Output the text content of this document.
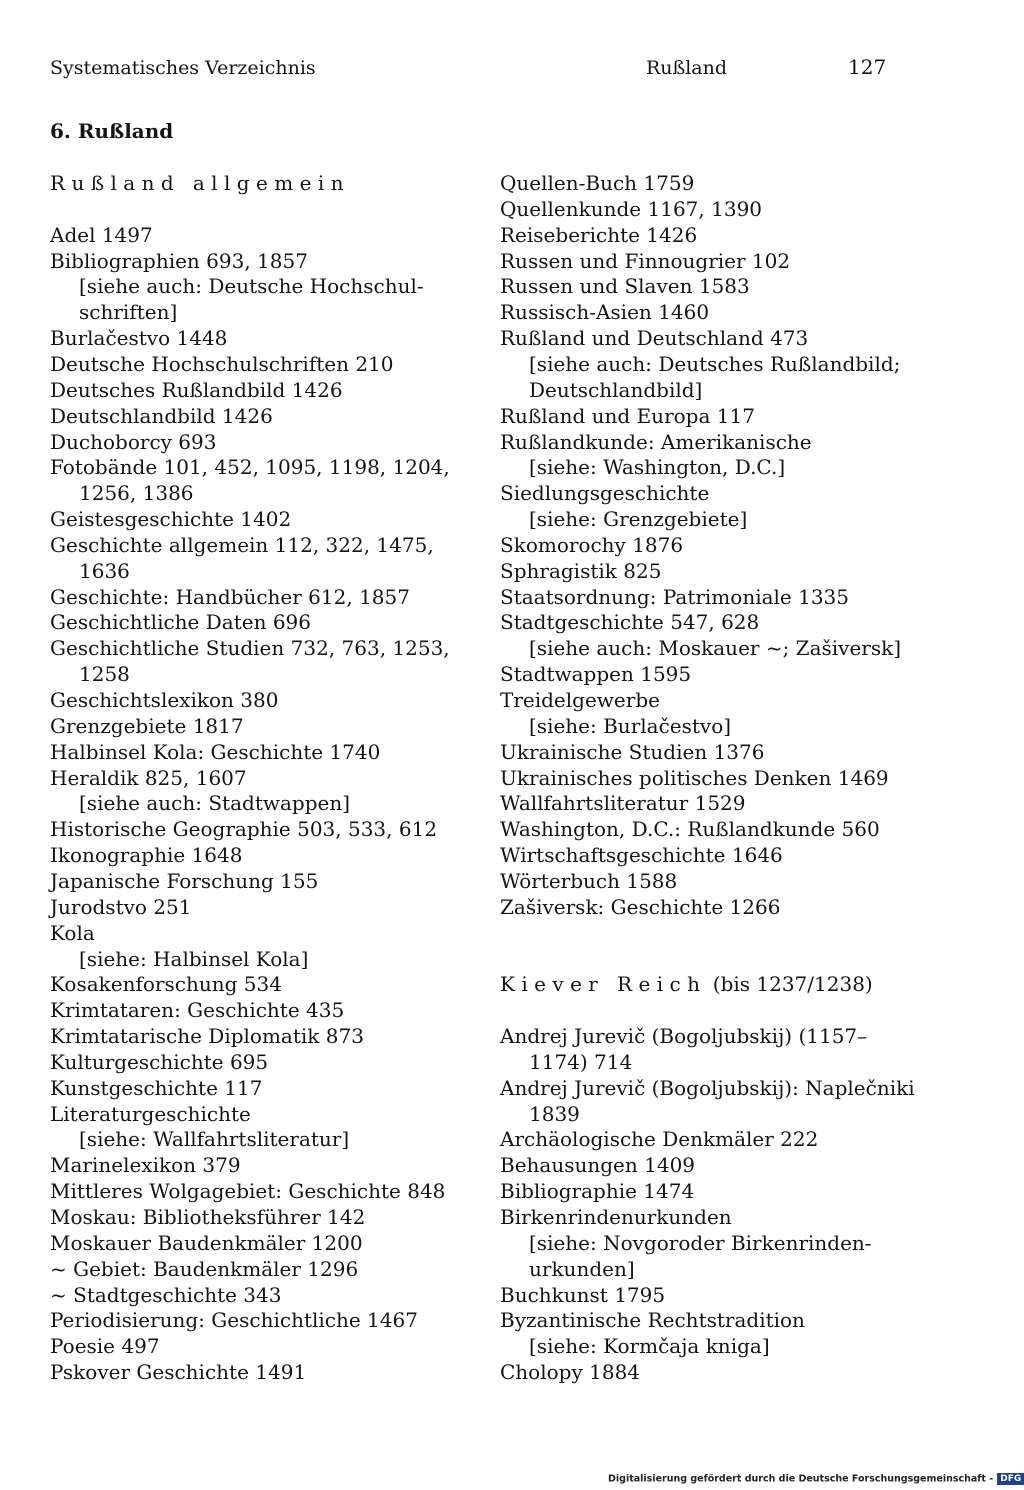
Systematisches Verzeichnis	Rußland	127
6. Rußland
Rußland allgemein
Adel 1497
Bibliographien 693, 1857
[siehe auch: Deutsche Hochschul-
schriften]
Burlačestvo 1448
Deutsche Hochschulschriften 210
Deutsches Rußlandbild 1426
Deutschlandbild 1426
Duchoborcy 693
Fotobände 101, 452, 1095, 1198, 1204,
1256, 1386
Geistesgeschichte 1402
Geschichte allgemein 112, 322, 1475,
1636
Geschichte: Handbücher 612, 1857
Geschichtliche Daten 696
Geschichtliche Studien 732, 763, 1253,
1258
Geschichtslexikon 380
Grenzgebiete 1817
Halbinsel Kola: Geschichte 1740
Heraldik 825, 1607
[siehe auch: Stadtwappen]
Historische Geographie 503, 533, 612
Ikonographie 1648
Japanische Forschung 155
Jurodstvo 251
Kola
[siehe: Halbinsel Kola]
Kosakenforschung 534
Krimtataren: Geschichte 435
Krimtatarische Diplomatik 873
Kulturgeschichte 695
Kunstgeschichte 117
Literaturgeschichte
[siehe: Wallfahrtsliteratur]
Marinelexikon 379
Mittleres Wolgagebiet: Geschichte 848
Moskau: Bibliotheksführer 142
Moskauer Baudenkmäler 1200
~ Gebiet: Baudenkmäler 1296
~ Stadtgeschichte 343
Periodisierung: Geschichtliche 1467
Poesie 497
Pskover Geschichte 1491
Quellen-Buch 1759
Quellenkunde 1167, 1390
Reiseberichte 1426
Russen und Finnougrier 102
Russen und Slaven 1583
Russisch-Asien 1460
Rußland und Deutschland 473
[siehe auch: Deutsches Rußlandbild;
Deutschlandbild]
Rußland und Europa 117
Rußlandkunde: Amerikanische
[siehe: Washington, D.C.]
Siedlungsgeschichte
[siehe: Grenzgebiete]
Skomorochy 1876
Sphragistik 825
Staatsordnung: Patrimoniale 1335
Stadtgeschichte 547, 628
[siehe auch: Moskauer ~; Zašiversk]
Stadtwappen 1595
Treidelgewerbe
[siehe: Burlačestvo]
Ukrainische Studien 1376
Ukrainisches politisches Denken 1469
Wallfahrtsliteratur 1529
Washington, D.C.: Rußlandkunde 560
Wirtschaftsgeschichte 1646
Wörterbuch 1588
Zašiversk: Geschichte 1266
Kiever Reich (bis 1237/1238)
Andrej Jurevič (Bogoljubskij) (1157–
1174) 714
Andrej Jurevič (Bogoljubskij): Naplečniki
1839
Archäologische Denkmäler 222
Behausungen 1409
Bibliographie 1474
Birkenrindenurkunden
[siehe: Novgoroder Birkenrinden-
urkunden]
Buchkunst 1795
Byzantinische Rechtstradition
[siehe: Kormčaja kniga]
Cholopy 1884
Digitalisierung gefördert durch die Deutsche Forschungsgemeinschaft - DFG
